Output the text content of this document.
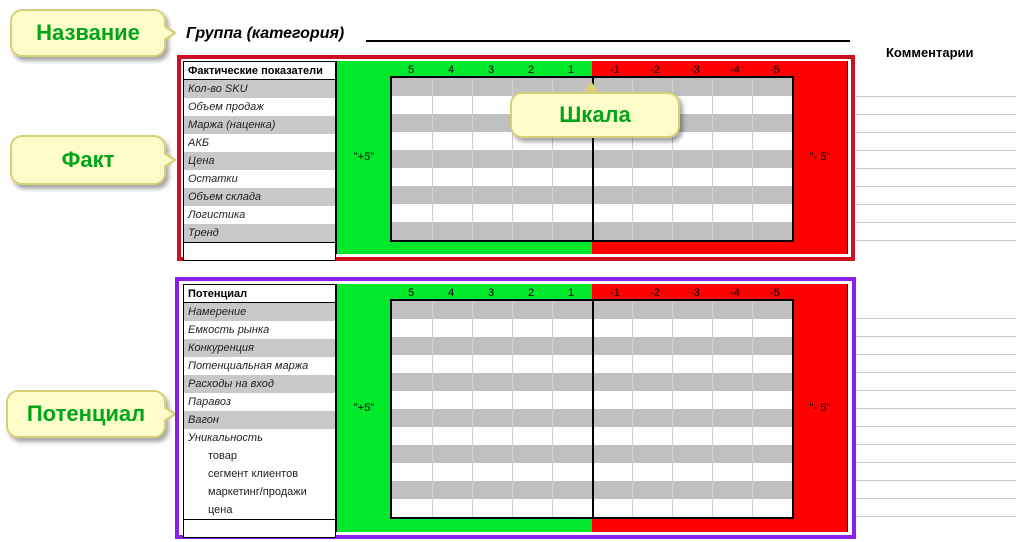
Название
Факт
Потенциал
Группа (категория)
Комментарии
5	4	3	2	1	-1	-2	-3	-4	-5
Фактические показатели
Кол-во SKU
Объем продаж
Маржа (наценка)
АКБ
Цена
Остатки
Объем склада
Логистика
Тренд
"+5"	"- 5"
5	4	3	2	1	-1	-2	-3	-4	-5
Потенциал
Намерение
Емкость рынка
Конкуренция
Потенциальная маржа
Расходы на вход
Паравоз
Вагон
Уникальность
товар
сегмент клиентов
маркетинг/продажи
цена
"+5"	"- 5"
Шкала
